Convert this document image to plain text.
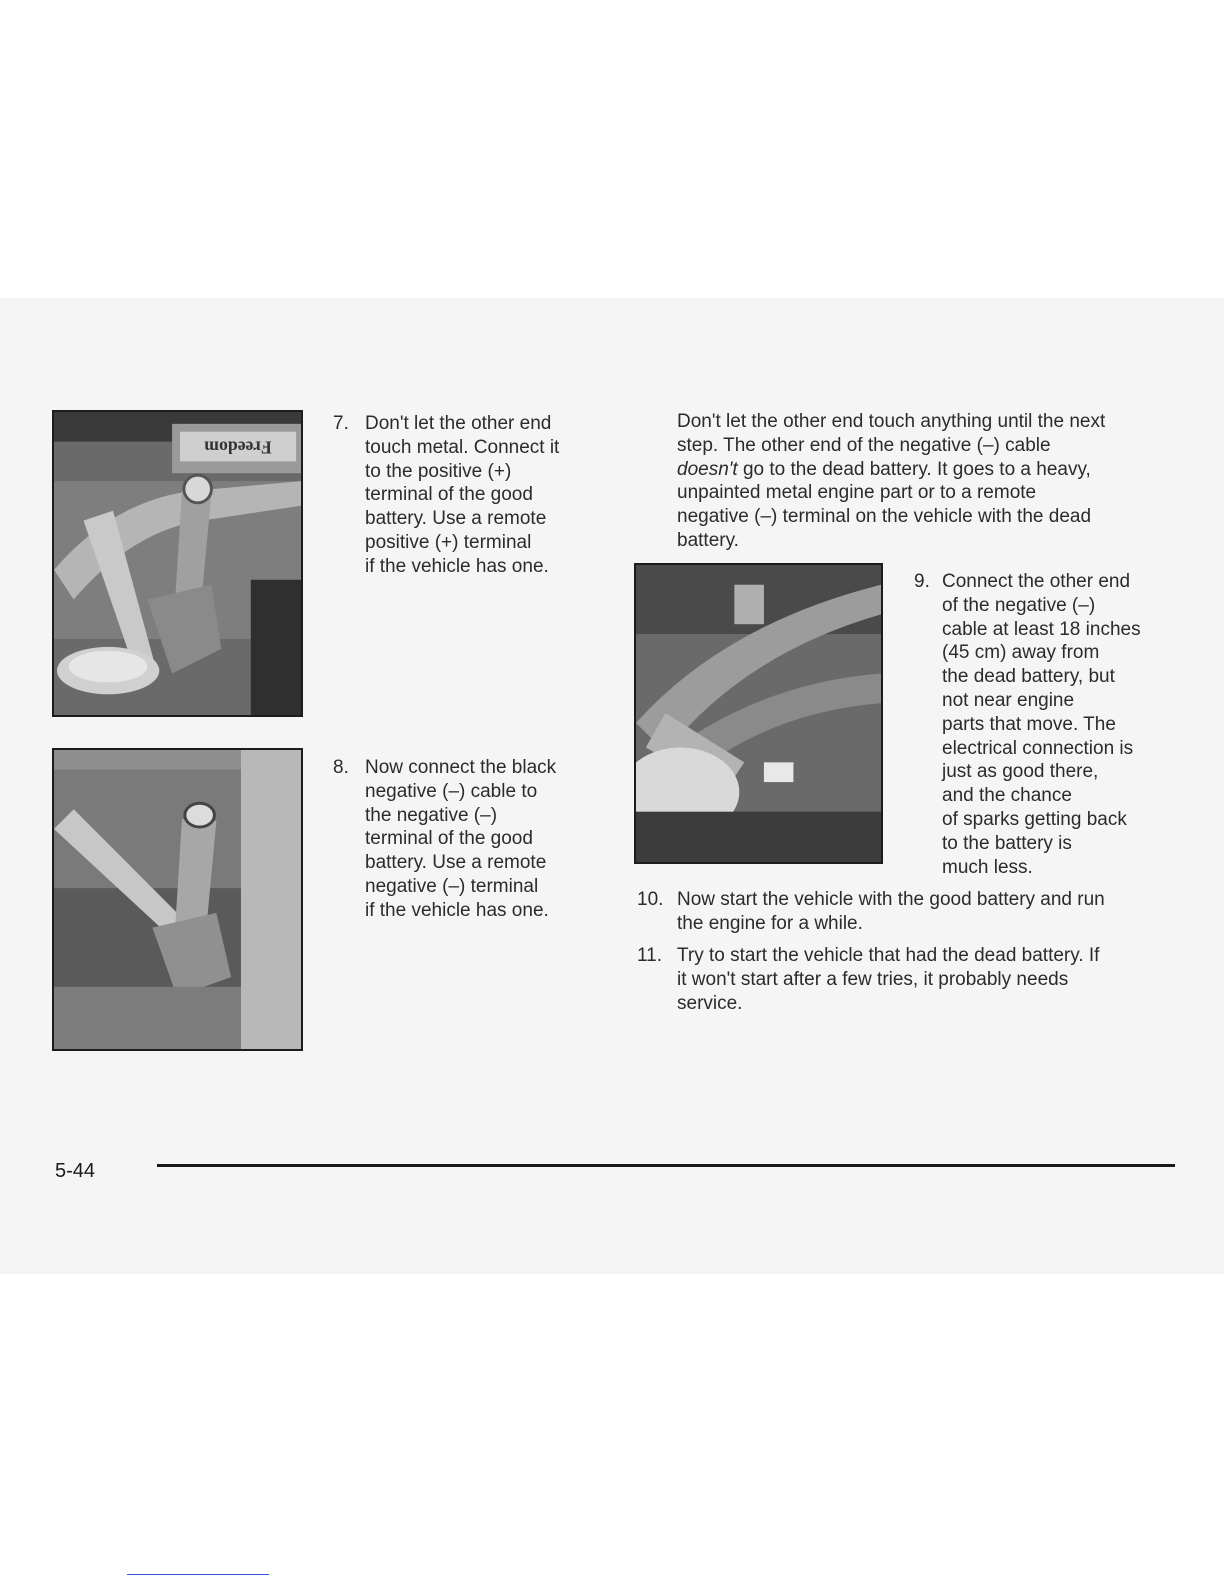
Freedom
7. Don't let the other end
touch metal. Connect it
to the positive (+)
terminal of the good
battery. Use a remote
positive (+) terminal
if the vehicle has one.
8. Now connect the black
negative (–) cable to
the negative (–)
terminal of the good
battery. Use a remote
negative (–) terminal
if the vehicle has one.
Don't let the other end touch anything until the next
step. The other end of the negative (–) cable
doesn't go to the dead battery. It goes to a heavy,
unpainted metal engine part or to a remote
negative (–) terminal on the vehicle with the dead
battery.
9. Connect the other end
of the negative (–)
cable at least 18 inches
(45 cm) away from
the dead battery, but
not near engine
parts that move. The
electrical connection is
just as good there,
and the chance
of sparks getting back
to the battery is
much less.
10. Now start the vehicle with the good battery and run
the engine for a while.
11. Try to start the vehicle that had the dead battery. If
it won't start after a few tries, it probably needs
service.
5-44
